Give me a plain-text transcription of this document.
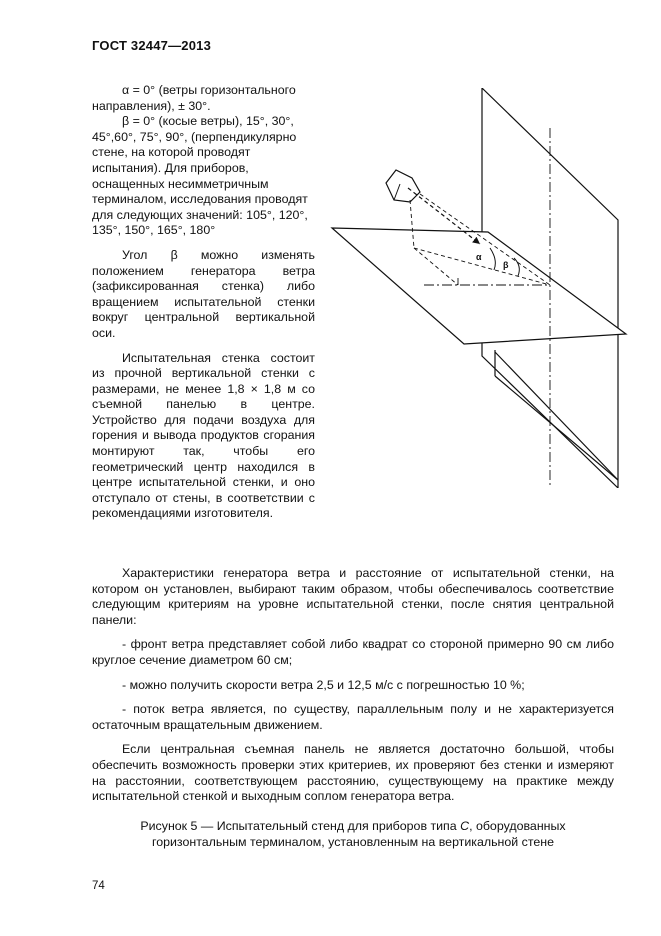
ГОСТ 32447—2013

α = 0° (ветры горизонтального направления), ± 30°.

β = 0° (косые ветры), 15°, 30°, 45°,60°, 75°, 90°, (перпендикулярно стене, на которой проводят испытания). Для приборов, оснащенных несимметричным терминалом, исследования проводят для следующих значений: 105°, 120°, 135°, 150°, 165°, 180°

Угол β можно изменять положением генератора ветра (зафиксированная стенка) либо вращением испытательной стенки вокруг центральной вертикальной оси.

Испытательная стенка состоит из прочной вертикальной стенки с размерами, не менее 1,8 × 1,8 м со съемной панелью в центре. Устройство для подачи воздуха для горения и вывода продуктов сгорания монтируют так, чтобы его геометрический центр находился в центре испытательной стенки, и оно отступало от стены, в соответствии с рекомендациями изготовителя.

α
β

Характеристики генератора ветра и расстояние от испытательной стенки, на котором он установлен, выбирают таким образом, чтобы обеспечивалось соответствие следующим критериям на уровне испытательной стенки, после снятия центральной панели:

- фронт ветра представляет собой либо квадрат со стороной примерно 90 см либо круглое сечение диаметром 60 см;

- можно получить скорости ветра 2,5 и 12,5 м/с с погрешностью 10 %;

- поток ветра является, по существу, параллельным полу и не характеризуется остаточным вращательным движением.

Если центральная съемная панель не является достаточно большой, чтобы обеспечить возможность проверки этих критериев, их проверяют без стенки и измеряют на расстоянии, соответствующем расстоянию, существующему на практике между испытательной стенкой и выходным соплом генератора ветра.

Рисунок 5 — Испытательный стенд для приборов типа С, оборудованных
горизонтальным терминалом, установленным на вертикальной стене
74
